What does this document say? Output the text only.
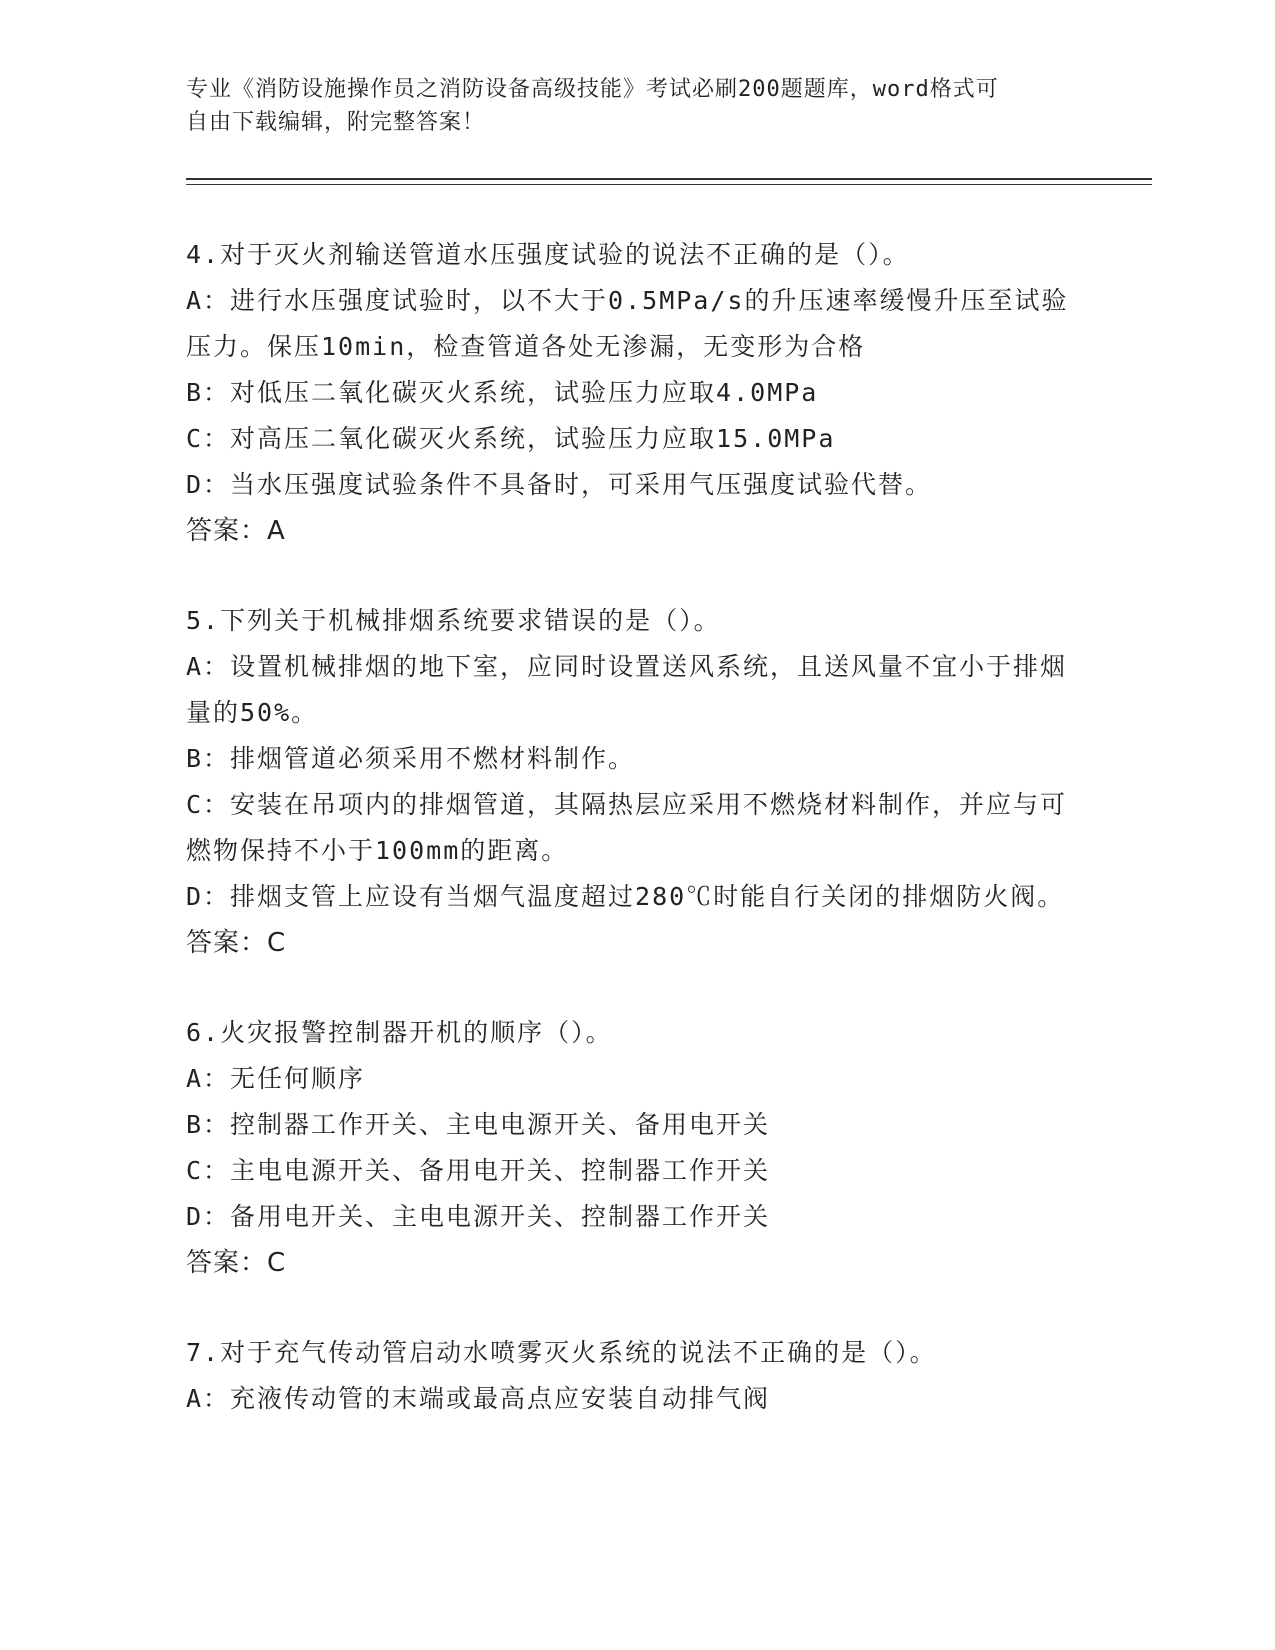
专业《消防设施操作员之消防设备高级技能》考试必刷200题题库，word格式可
自由下载编辑，附完整答案！
4.对于灭火剂输送管道水压强度试验的说法不正确的是（）。
A：进行水压强度试验时，以不大于0.5MPa/s的升压速率缓慢升压至试验压力。保压10min，检查管道各处无渗漏，无变形为合格
B：对低压二氧化碳灭火系统，试验压力应取4.0MPa
C：对高压二氧化碳灭火系统，试验压力应取15.0MPa
D：当水压强度试验条件不具备时，可采用气压强度试验代替。
答案：A
5.下列关于机械排烟系统要求错误的是（）。
A：设置机械排烟的地下室，应同时设置送风系统，且送风量不宜小于排烟量的50%。
B：排烟管道必须采用不燃材料制作。
C：安装在吊项内的排烟管道，其隔热层应采用不燃烧材料制作，并应与可燃物保持不小于100mm的距离。
D：排烟支管上应设有当烟气温度超过280℃时能自行关闭的排烟防火阀。
答案：C
6.火灾报警控制器开机的顺序（）。
A：无任何顺序
B：控制器工作开关、主电电源开关、备用电开关
C：主电电源开关、备用电开关、控制器工作开关
D：备用电开关、主电电源开关、控制器工作开关
答案：C
7.对于充气传动管启动水喷雾灭火系统的说法不正确的是（）。
A：充液传动管的末端或最高点应安装自动排气阀
